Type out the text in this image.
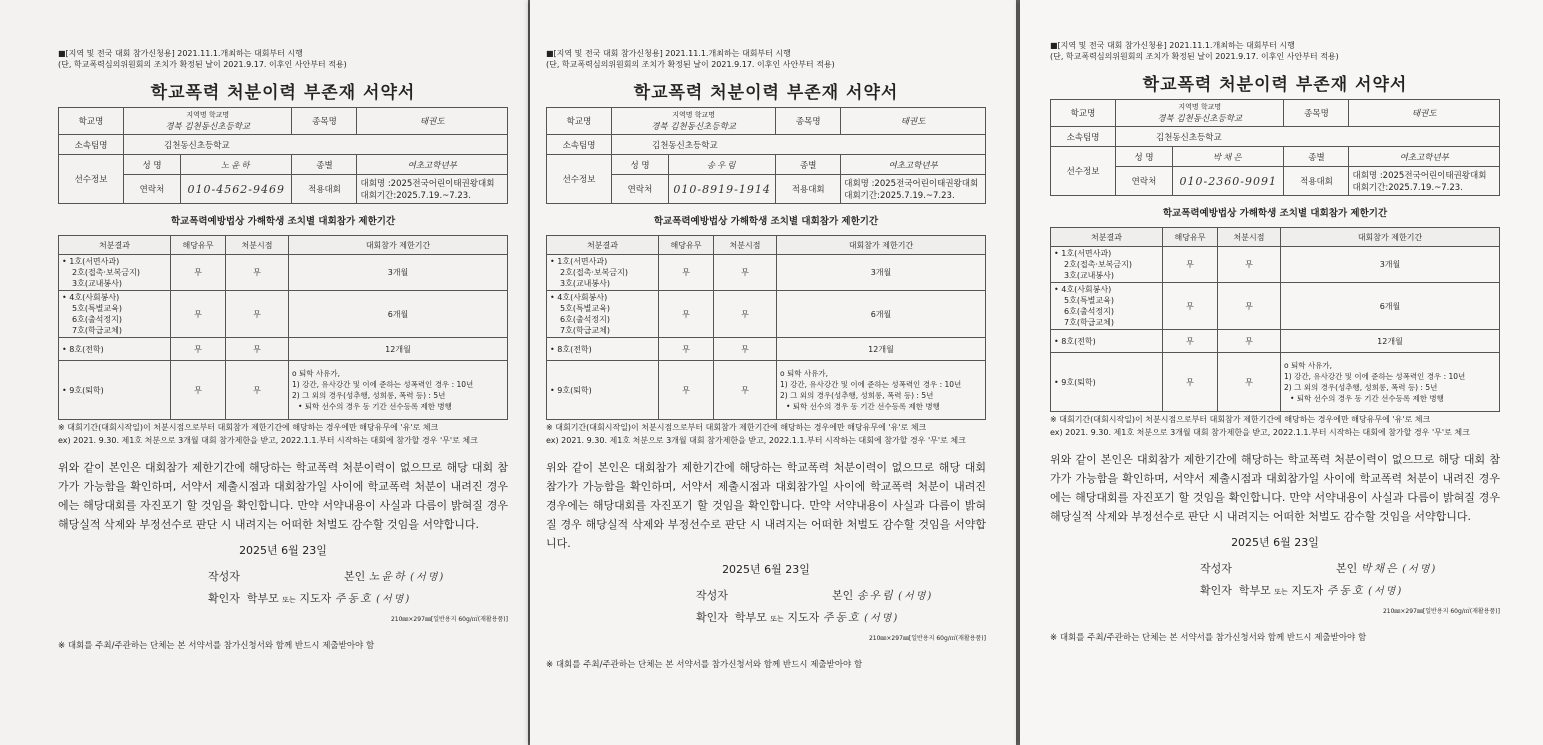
■[지역 및 전국 대회 참가신청용] 2021.11.1.개최하는 대회부터 시행
(단, 학교폭력심의위원회의 조치가 확정된 날이 2021.9.17. 이후인 사안부터 적용)
학교폭력 처분이력 부존재 서약서
학교명	지역명 학교명
경북 김천동신초등학교		종목명	태권도
소속팀명	김천동신초등학교			
선수정보	성 명	노윤하	종별	여초고학년부
	연락처	010-4562-9469	적용대회	대회명 :2025전국어린이태권왕대회
대회기간:2025.7.19.~7.23.
학교폭력예방법상 가해학생 조치별 대회참가 제한기간
처분결과	해당유무	처분시점	대회참가 제한기간

• 1호(서면사과)
2호(접촉·보복금지)
3호(교내봉사)	무	무	3개월

• 4호(사회봉사)
5호(특별교육)
6호(출석정지)
7호(학급교체)	무	무	6개월

• 8호(전학)	무	무	12개월

• 9호(퇴학)	무	무	o 퇴학 사유가,
1) 강간, 유사강간 및 이에 준하는 성폭력인 경우 : 10년
2) 그 외의 경우(성추행, 성희롱, 폭력 등) : 5년
• 퇴학 선수의 경우 동 기간 선수등록 제한 병행
※ 대회기간(대회시작일)이 처분시점으로부터 대회참가 제한기간에 해당하는 경우에만 해당유무에 '유'로 체크
ex) 2021. 9.30. 제1호 처분으로 3개월 대회 참가제한을 받고, 2022.1.1.부터 시작하는 대회에 참가할 경우 '무'로 체크
위와 같이 본인은 대회참가 제한기간에 해당하는 학교폭력 처분이력이 없으므로 해당 대회 참가가 가능함을 확인하며, 서약서 제출시점과 대회참가일 사이에 학교폭력 처분이 내려진 경우에는 해당대회를 자진포기 할 것임을 확인합니다. 만약 서약내용이 사실과 다름이 밝혀질 경우 해당실적 삭제와 부정선수로 판단 시 내려지는 어떠한 처벌도 감수할 것임을 서약합니다.
2025년 6월 23일
작성자	본인 노윤하 (서명)
확인자 학부모 또는 지도자 주동호 (서명)
210㎜×297㎜[일반용지 60g/㎡(재활용품)]
※ 대회를 주최/주관하는 단체는 본 서약서를 참가신청서와 함께 반드시 제출받아야 함
■[지역 및 전국 대회 참가신청용] 2021.11.1.개최하는 대회부터 시행
(단, 학교폭력심의위원회의 조치가 확정된 날이 2021.9.17. 이후인 사안부터 적용)
학교폭력 처분이력 부존재 서약서
학교명	지역명 학교명
경북 김천동신초등학교		종목명	태권도
소속팀명	김천동신초등학교			
선수정보	성 명	송우림	종별	여초고학년부
	연락처	010-8919-1914	적용대회	대회명 :2025전국어린이태권왕대회
대회기간:2025.7.19.~7.23.
학교폭력예방법상 가해학생 조치별 대회참가 제한기간
처분결과	해당유무	처분시점	대회참가 제한기간

• 1호(서면사과)
2호(접촉·보복금지)
3호(교내봉사)	무	무	3개월

• 4호(사회봉사)
5호(특별교육)
6호(출석정지)
7호(학급교체)	무	무	6개월

• 8호(전학)	무	무	12개월

• 9호(퇴학)	무	무	o 퇴학 사유가,
1) 강간, 유사강간 및 이에 준하는 성폭력인 경우 : 10년
2) 그 외의 경우(성추행, 성희롱, 폭력 등) : 5년
• 퇴학 선수의 경우 동 기간 선수등록 제한 병행
※ 대회기간(대회시작일)이 처분시점으로부터 대회참가 제한기간에 해당하는 경우에만 해당유무에 '유'로 체크
ex) 2021. 9.30. 제1호 처분으로 3개월 대회 참가제한을 받고, 2022.1.1.부터 시작하는 대회에 참가할 경우 '무'로 체크
위와 같이 본인은 대회참가 제한기간에 해당하는 학교폭력 처분이력이 없으므로 해당 대회 참가가 가능함을 확인하며, 서약서 제출시점과 대회참가일 사이에 학교폭력 처분이 내려진 경우에는 해당대회를 자진포기 할 것임을 확인합니다. 만약 서약내용이 사실과 다름이 밝혀질 경우 해당실적 삭제와 부정선수로 판단 시 내려지는 어떠한 처벌도 감수할 것임을 서약합니다.
2025년 6월 23일
작성자	본인 송우림 (서명)
확인자 학부모 또는 지도자 주동호 (서명)
210㎜×297㎜[일반용지 60g/㎡(재활용품)]
※ 대회를 주최/주관하는 단체는 본 서약서를 참가신청서와 함께 반드시 제출받아야 함
■[지역 및 전국 대회 참가신청용] 2021.11.1.개최하는 대회부터 시행
(단, 학교폭력심의위원회의 조치가 확정된 날이 2021.9.17. 이후인 사안부터 적용)
학교폭력 처분이력 부존재 서약서
학교명	지역명 학교명
경북 김천동신초등학교		종목명	태권도
소속팀명	김천동신초등학교			
선수정보	성 명	박채은	종별	여초고학년부
	연락처	010-2360-9091	적용대회	대회명 :2025전국어린이태권왕대회
대회기간:2025.7.19.~7.23.
학교폭력예방법상 가해학생 조치별 대회참가 제한기간
처분결과	해당유무	처분시점	대회참가 제한기간

• 1호(서면사과)
2호(접촉·보복금지)
3호(교내봉사)	무	무	3개월

• 4호(사회봉사)
5호(특별교육)
6호(출석정지)
7호(학급교체)	무	무	6개월

• 8호(전학)	무	무	12개월

• 9호(퇴학)	무	무	o 퇴학 사유가,
1) 강간, 유사강간 및 이에 준하는 성폭력인 경우 : 10년
2) 그 외의 경우(성추행, 성희롱, 폭력 등) : 5년
• 퇴학 선수의 경우 동 기간 선수등록 제한 병행
※ 대회기간(대회시작일)이 처분시점으로부터 대회참가 제한기간에 해당하는 경우에만 해당유무에 '유'로 체크
ex) 2021. 9.30. 제1호 처분으로 3개월 대회 참가제한을 받고, 2022.1.1.부터 시작하는 대회에 참가할 경우 '무'로 체크
위와 같이 본인은 대회참가 제한기간에 해당하는 학교폭력 처분이력이 없으므로 해당 대회 참가가 가능함을 확인하며, 서약서 제출시점과 대회참가일 사이에 학교폭력 처분이 내려진 경우에는 해당대회를 자진포기 할 것임을 확인합니다. 만약 서약내용이 사실과 다름이 밝혀질 경우 해당실적 삭제와 부정선수로 판단 시 내려지는 어떠한 처벌도 감수할 것임을 서약합니다.
2025년 6월 23일
작성자	본인 박채은 (서명)
확인자 학부모 또는 지도자 주동호 (서명)
210㎜×297㎜[일반용지 60g/㎡(재활용품)]
※ 대회를 주최/주관하는 단체는 본 서약서를 참가신청서와 함께 반드시 제출받아야 함
